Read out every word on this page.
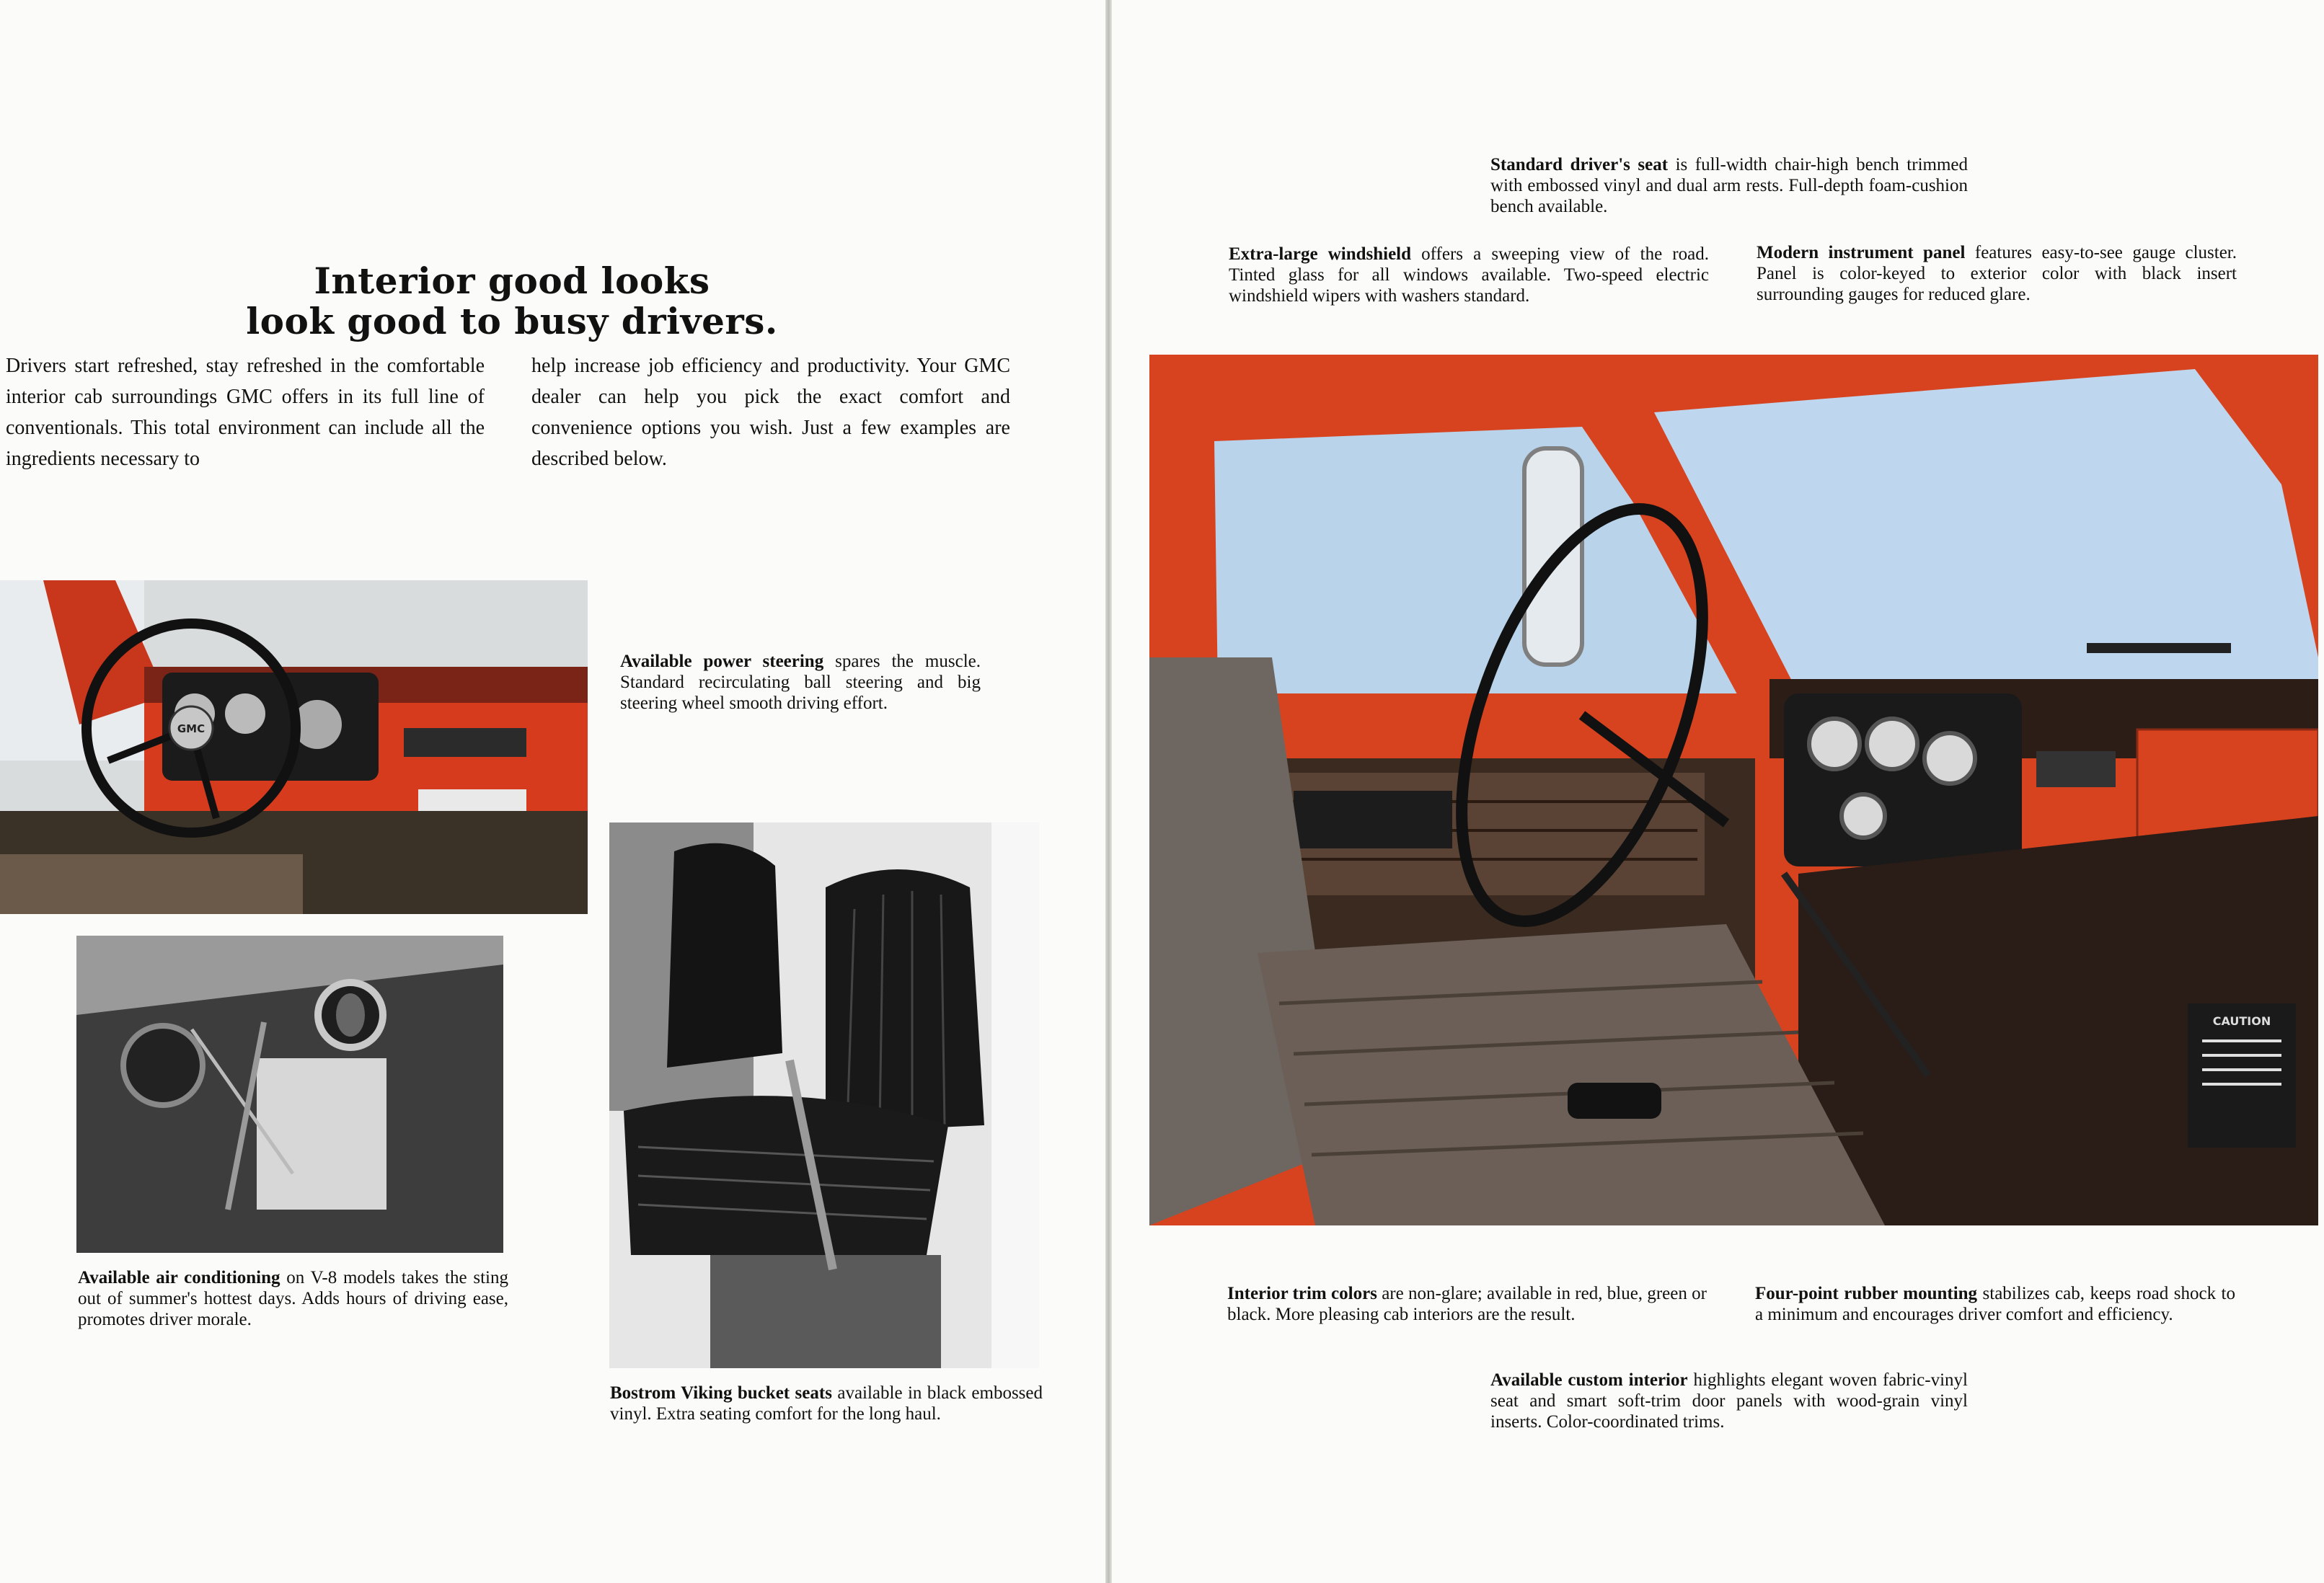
Interior good looks
look good to busy drivers.

Drivers start refreshed, stay refreshed in the comfortable interior cab surroundings GMC offers in its full line of conventionals. This total environment can include all the ingredients necessary to

help increase job efficiency and productivity. Your GMC dealer can help you pick the exact comfort and convenience options you wish. Just a few examples are described below.

GMC
Available power steering spares the muscle. Standard recirculating ball steering and big steering wheel smooth driving effort.
Available air conditioning on V-8 models takes the sting out of summer's hottest days. Adds hours of driving ease, promotes driver morale.
Bostrom Viking bucket seats available in black embossed vinyl. Extra seating comfort for the long haul.
Standard driver's seat is full-width chair-high bench trimmed with embossed vinyl and dual arm rests. Full-depth foam-cushion bench available.
Extra-large windshield offers a sweeping view of the road. Tinted glass for all windows available. Two-speed electric windshield wipers with washers standard.
Modern instrument panel features easy-to-see gauge cluster. Panel is color-keyed to exterior color with black insert surrounding gauges for reduced glare.
CAUTION
Interior trim colors are non-glare; available in red, blue, green or black. More pleasing cab interiors are the result.
Four-point rubber mounting stabilizes cab, keeps road shock to a minimum and encourages driver comfort and efficiency.
Available custom interior highlights elegant woven fabric-vinyl seat and smart soft-trim door panels with wood-grain vinyl inserts. Color-coordinated trims.
